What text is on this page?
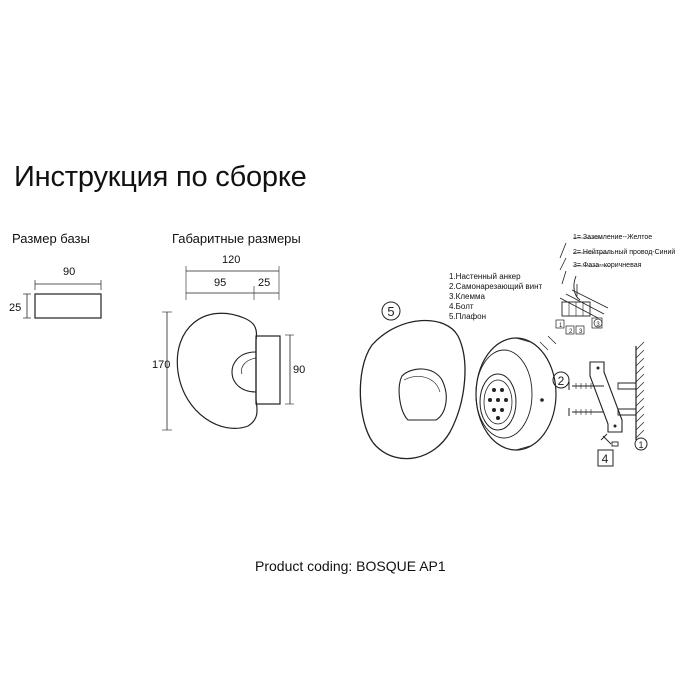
Инструкция по сборке
Размер базы
90
25
Габаритные размеры
120
95	25
170	90
1.Настенный анкер
2.Самонарезающий винт
3.Клемма
4.Болт
5.Плафон
1= Заземление--Желтое
2= Нейтральный провод-Синий
3= Фаза--коричневая
Product coding: BOSQUE AP1
5
2
4
1
1
2 3
3
